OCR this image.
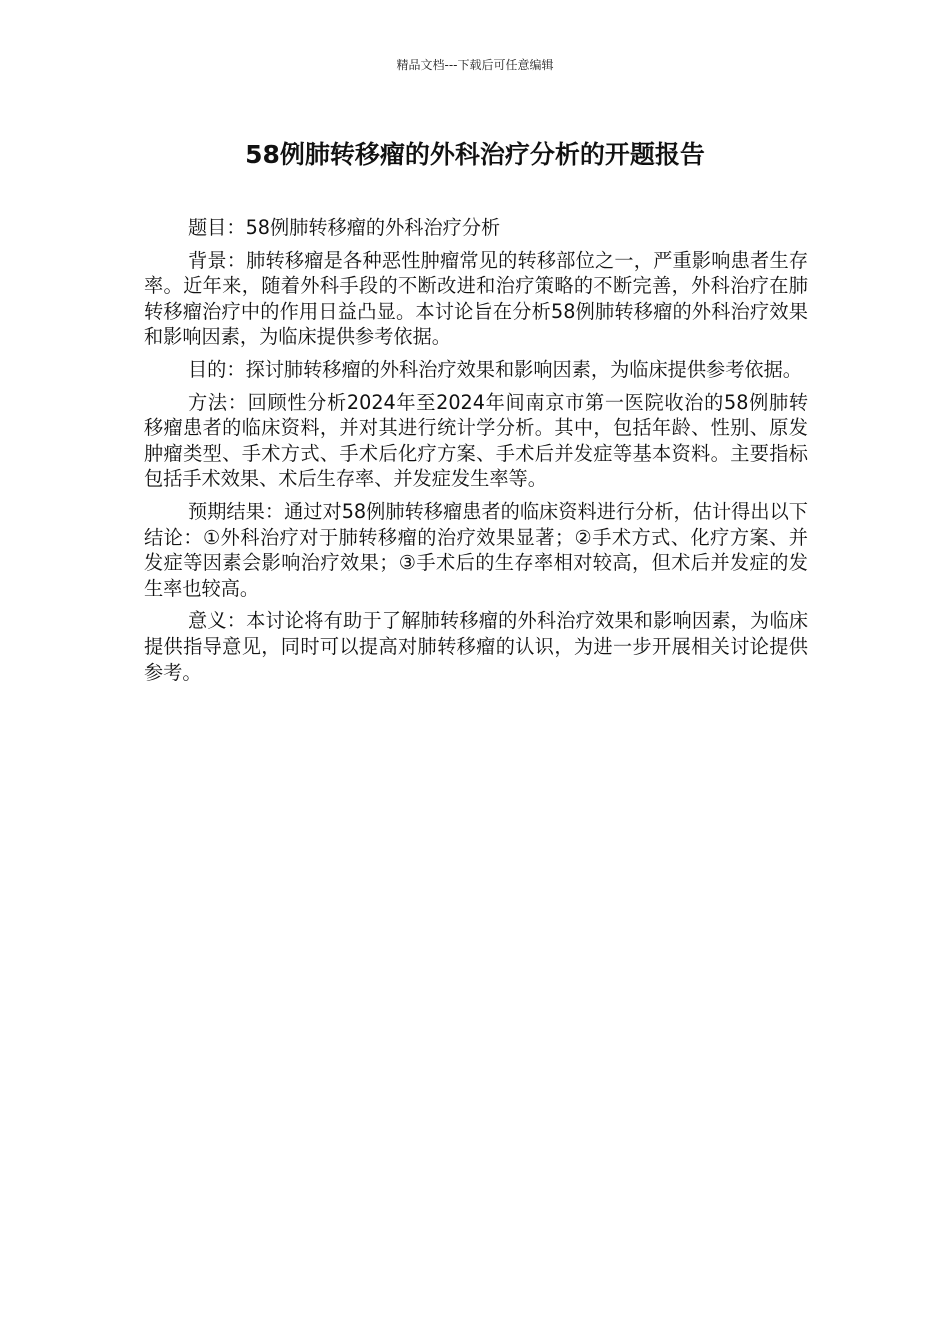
精品文档---下载后可任意编辑
58例肺转移瘤的外科治疗分析的开题报告

题目：58例肺转移瘤的外科治疗分析

背景：肺转移瘤是各种恶性肿瘤常见的转移部位之一，严重影响患者生存率。近年来，随着外科手段的不断改进和治疗策略的不断完善，外科治疗在肺转移瘤治疗中的作用日益凸显。本讨论旨在分析58例肺转移瘤的外科治疗效果和影响因素，为临床提供参考依据。

目的：探讨肺转移瘤的外科治疗效果和影响因素，为临床提供参考依据。

方法：回顾性分析2024年至2024年间南京市第一医院收治的58例肺转移瘤患者的临床资料，并对其进行统计学分析。其中，包括年龄、性别、原发肿瘤类型、手术方式、手术后化疗方案、手术后并发症等基本资料。主要指标包括手术效果、术后生存率、并发症发生率等。

预期结果：通过对58例肺转移瘤患者的临床资料进行分析，估计得出以下结论：①外科治疗对于肺转移瘤的治疗效果显著；②手术方式、化疗方案、并发症等因素会影响治疗效果；③手术后的生存率相对较高，但术后并发症的发生率也较高。

意义：本讨论将有助于了解肺转移瘤的外科治疗效果和影响因素，为临床提供指导意见，同时可以提高对肺转移瘤的认识，为进一步开展相关讨论提供参考。
